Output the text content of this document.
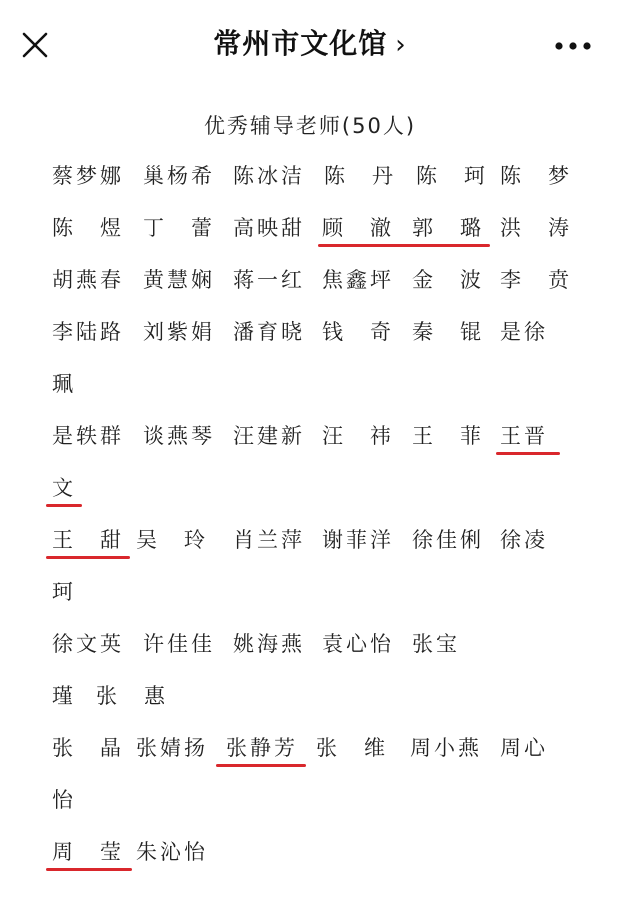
常州市文化馆 ›
优秀辅导老师(50人)
蔡梦娜 巢杨希 陈冰洁 陈　丹 陈　珂 陈　梦
陈　煜 丁　蕾 高映甜 顾　澈 郭　璐 洪　涛
胡燕春 黄慧娴 蒋一红 焦鑫坪 金　波 李　贲
李陆路 刘紫娟 潘育晓 钱　奇 秦　锟 是徐
珮
是轶群 谈燕琴 汪建新 汪　祎 王　菲 王晋
文
王　甜 吴　玲 肖兰萍 谢菲洋 徐佳俐 徐凌
珂
徐文英 许佳佳 姚海燕 袁心怡 张宝
瑾 张　惠
张　晶 张婧扬 张静芳 张　维 周小燕 周心
怡
周　莹 朱沁怡
